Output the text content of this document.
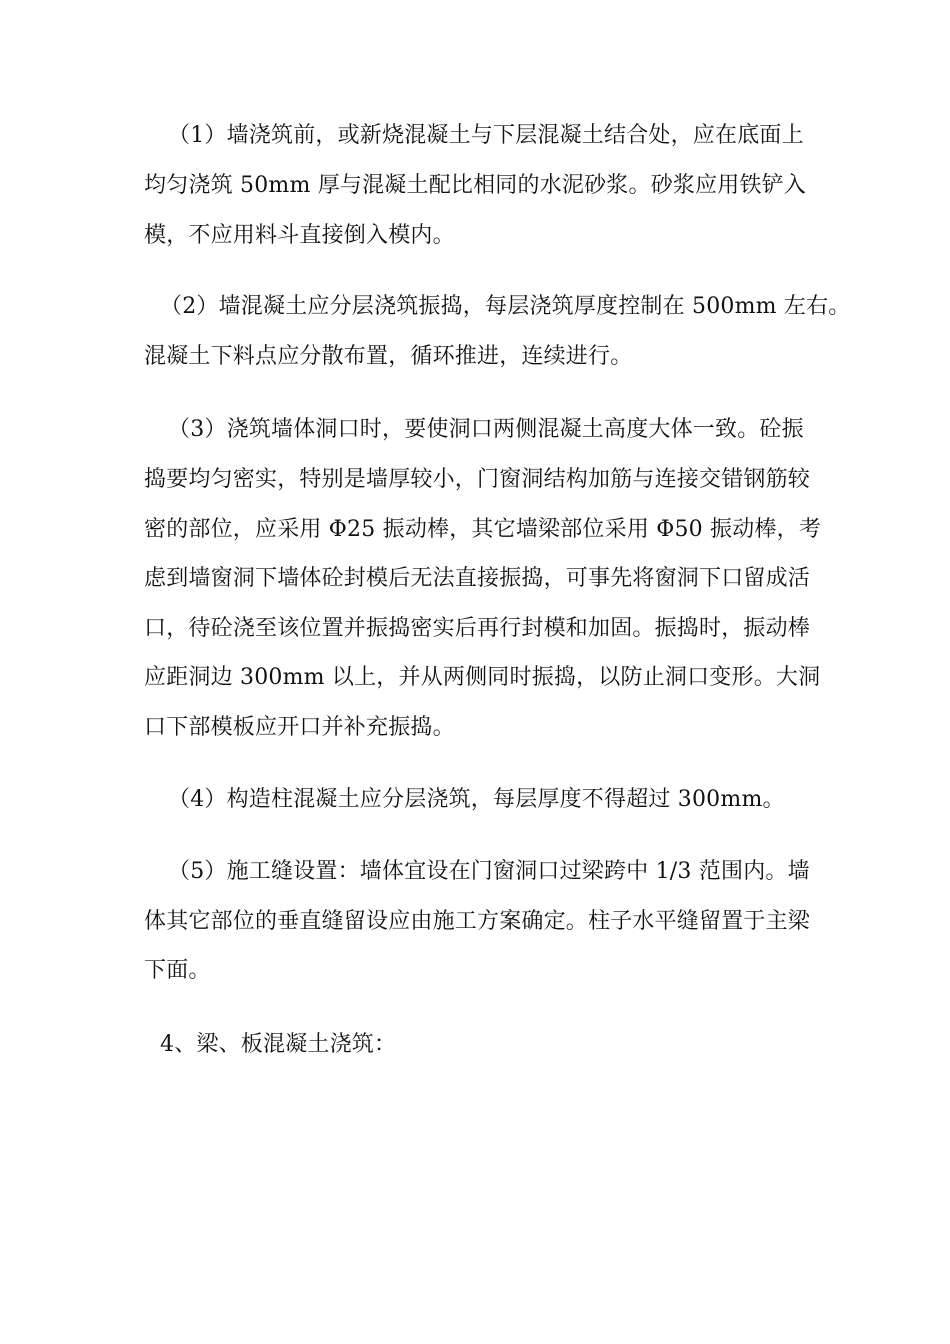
（1）墙浇筑前，或新烧混凝土与下层混凝土结合处，应在底面上
均匀浇筑 50mm 厚与混凝土配比相同的水泥砂浆。砂浆应用铁铲入
模，不应用料斗直接倒入模内。
（2）墙混凝土应分层浇筑振捣，每层浇筑厚度控制在 500mm 左右。
混凝土下料点应分散布置，循环推进，连续进行。
（3）浇筑墙体洞口时，要使洞口两侧混凝土高度大体一致。砼振
捣要均匀密实，特别是墙厚较小，门窗洞结构加筋与连接交错钢筋较
密的部位，应采用 Φ25 振动棒，其它墙梁部位采用 Φ50 振动棒，考
虑到墙窗洞下墙体砼封模后无法直接振捣，可事先将窗洞下口留成活
口，待砼浇至该位置并振捣密实后再行封模和加固。振捣时，振动棒
应距洞边 300mm 以上，并从两侧同时振捣，以防止洞口变形。大洞
口下部模板应开口并补充振捣。
（4）构造柱混凝土应分层浇筑，每层厚度不得超过 300mm。
（5）施工缝设置：墙体宜设在门窗洞口过梁跨中 1/3 范围内。墙
体其它部位的垂直缝留设应由施工方案确定。柱子水平缝留置于主梁
下面。
4、梁、板混凝土浇筑：
